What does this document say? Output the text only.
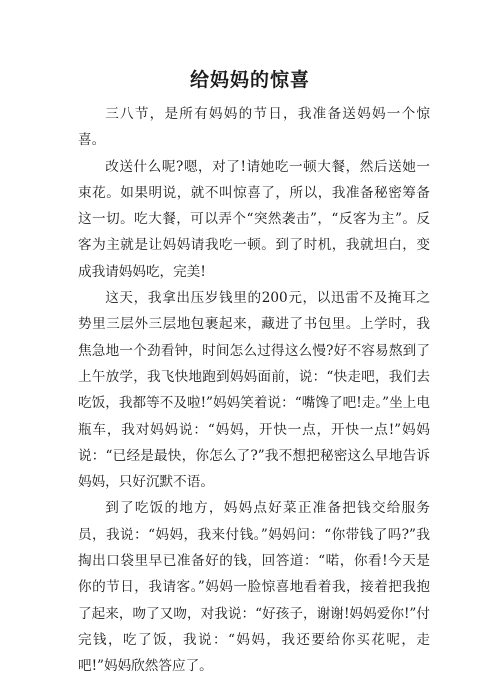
给妈妈的惊喜

三八节，是所有妈妈的节日，我准备送妈妈一个惊喜。

改送什么呢?嗯，对了!请她吃一顿大餐，然后送她一束花。如果明说，就不叫惊喜了，所以，我准备秘密筹备这一切。吃大餐，可以弄个“突然袭击”，“反客为主”。反客为主就是让妈妈请我吃一顿。到了时机，我就坦白，变成我请妈妈吃，完美!

这天，我拿出压岁钱里的200元，以迅雷不及掩耳之势里三层外三层地包裹起来，藏进了书包里。上学时，我焦急地一个劲看钟，时间怎么过得这么慢?好不容易熬到了上午放学，我飞快地跑到妈妈面前，说：“快走吧，我们去吃饭，我都等不及啦!”妈妈笑着说：“嘴馋了吧!走。”坐上电瓶车，我对妈妈说：“妈妈，开快一点，开快一点!”妈妈说：“已经是最快，你怎么了?”我不想把秘密这么早地告诉妈妈，只好沉默不语。

到了吃饭的地方，妈妈点好菜正准备把钱交给服务员，我说：“妈妈，我来付钱。”妈妈问：“你带钱了吗?”我掏出口袋里早已准备好的钱，回答道：“喏，你看!今天是你的节日，我请客。”妈妈一脸惊喜地看着我，接着把我抱了起来，吻了又吻，对我说：“好孩子，谢谢!妈妈爱你!”付完钱，吃了饭，我说：“妈妈，我还要给你买花呢，走吧!”妈妈欣然答应了。
